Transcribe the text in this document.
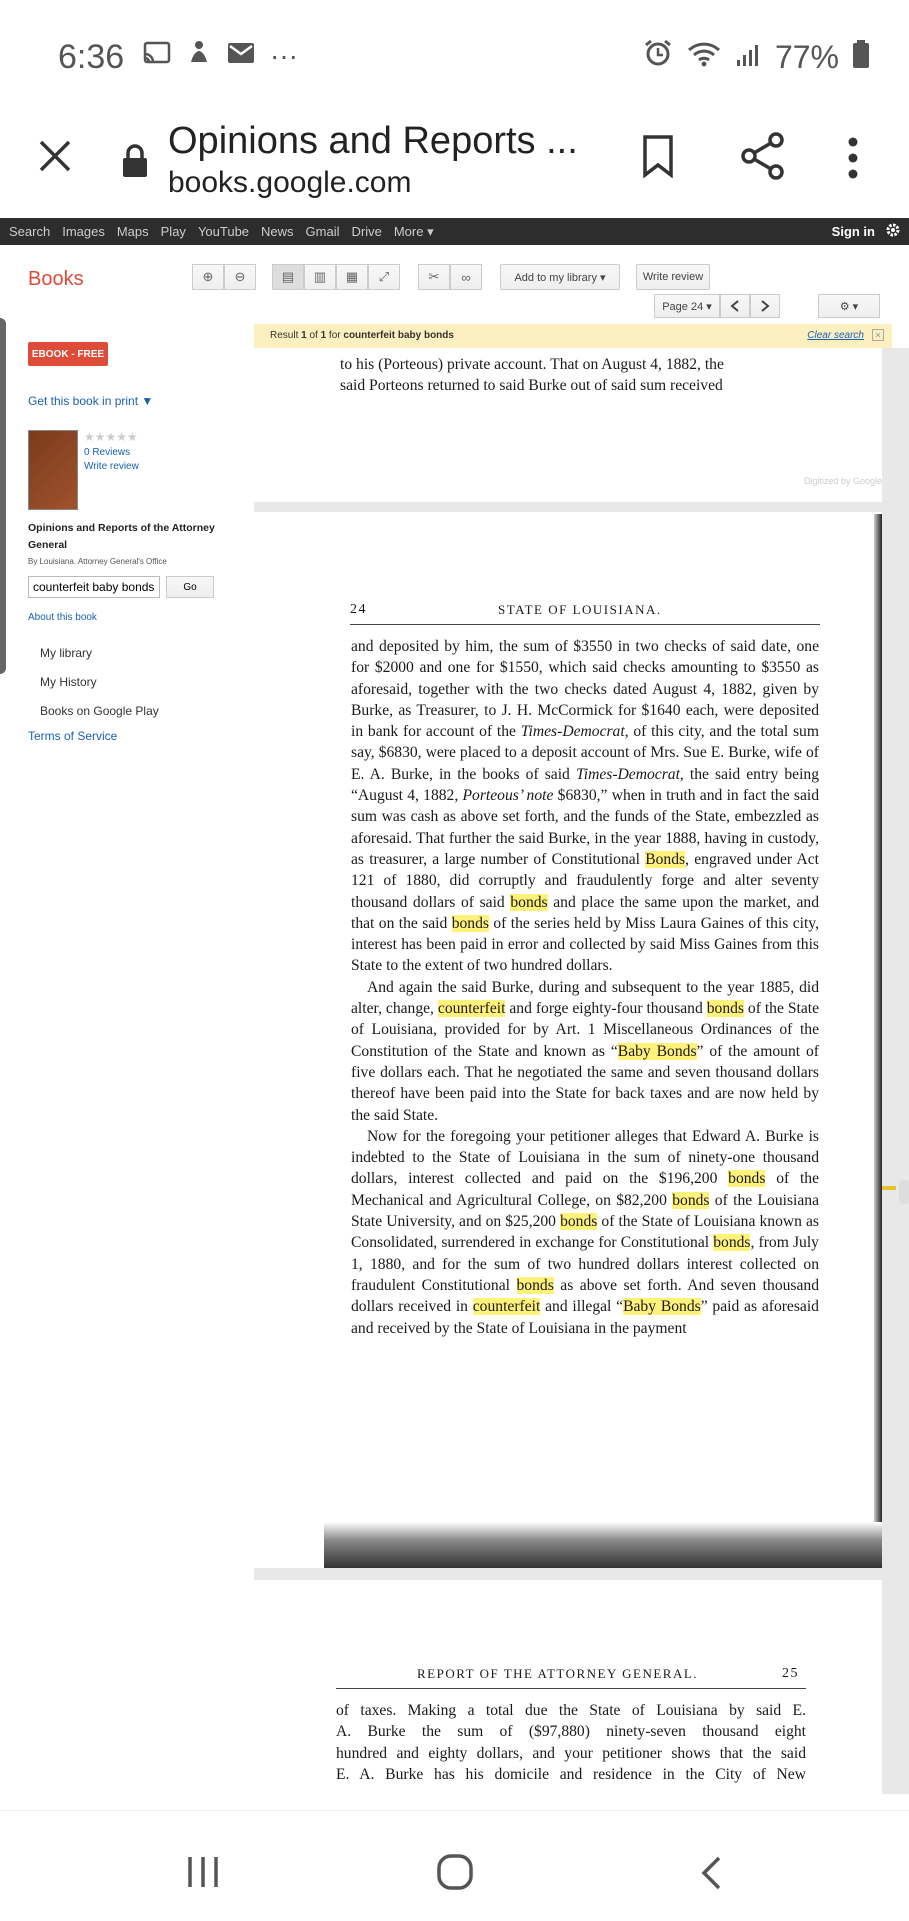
6:36	···	77%
Opinions and Reports ...
books.google.com
Search Images Maps Play YouTube News Gmail Drive More ▾	Sign in
Books	⊕	⊖	▤	▥	▦	⤢	✂	∞	Add to my library ▾	Write review
Page 24 ▾	⚙ ▾
EBOOK - FREE
Get this book in print ▼
★★★★★
0 Reviews
Write review
Opinions and Reports of the Attorney General
By Louisiana. Attorney General's Office
counterfeit baby bonds
Go
About this book
My library
My History
Books on Google Play
Terms of Service
Result 1 of 1 for counterfeit baby bonds	Clear search	×
to his (Porteous) private account. That on August 4, 1882, the
said Porteons returned to said Burke out of said sum received
Digitized by Google
24	STATE OF LOUISIANA.

and deposited by him, the sum of $3550 in two checks of said date, one for $2000 and one for $1550, which said checks amounting to $3550 as aforesaid, together with the two checks dated August 4, 1882, given by Burke, as Treasurer, to J. H. McCormick for $1640 each, were deposited in bank for account of the Times-Democrat, of this city, and the total sum say, $6830, were placed to a deposit account of Mrs. Sue E. Burke, wife of E. A. Burke, in the books of said Times-Democrat, the said entry being “August 4, 1882, Porteous’ note $6830,” when in truth and in fact the said sum was cash as above set forth, and the funds of the State, embezzled as aforesaid. That further the said Burke, in the year 1888, having in custody, as treasurer, a large number of Constitutional Bonds, engraved under Act 121 of 1880, did corruptly and fraudulently forge and alter seventy thousand dollars of said bonds and place the same upon the market, and that on the said bonds of the series held by Miss Laura Gaines of this city, interest has been paid in error and collected by said Miss Gaines from this State to the extent of two hundred dollars.

And again the said Burke, during and subsequent to the year 1885, did alter, change, counterfeit and forge eighty-four thousand bonds of the State of Louisiana, provided for by Art. 1 Miscellaneous Ordinances of the Constitution of the State and known as “Baby Bonds” of the amount of five dollars each. That he negotiated the same and seven thousand dollars thereof have been paid into the State for back taxes and are now held by the said State.

Now for the foregoing your petitioner alleges that Edward A. Burke is indebted to the State of Louisiana in the sum of ninety-one thousand dollars, interest collected and paid on the $196,200 bonds of the Mechanical and Agricultural College, on $82,200 bonds of the Louisiana State University, and on $25,200 bonds of the State of Louisiana known as Consolidated, surrendered in exchange for Constitutional bonds, from July 1, 1880, and for the sum of two hundred dollars interest collected on fraudulent Constitutional bonds as above set forth. And seven thousand dollars received in counterfeit and illegal “Baby Bonds” paid as aforesaid and received by the State of Louisiana in the payment

REPORT OF THE ATTORNEY GENERAL.	25
of taxes. Making a total due the State of Louisiana by said E.
A. Burke the sum of ($97,880) ninety-seven thousand eight
hundred and eighty dollars, and your petitioner shows that the said
E. A. Burke has his domicile and residence in the City of New
